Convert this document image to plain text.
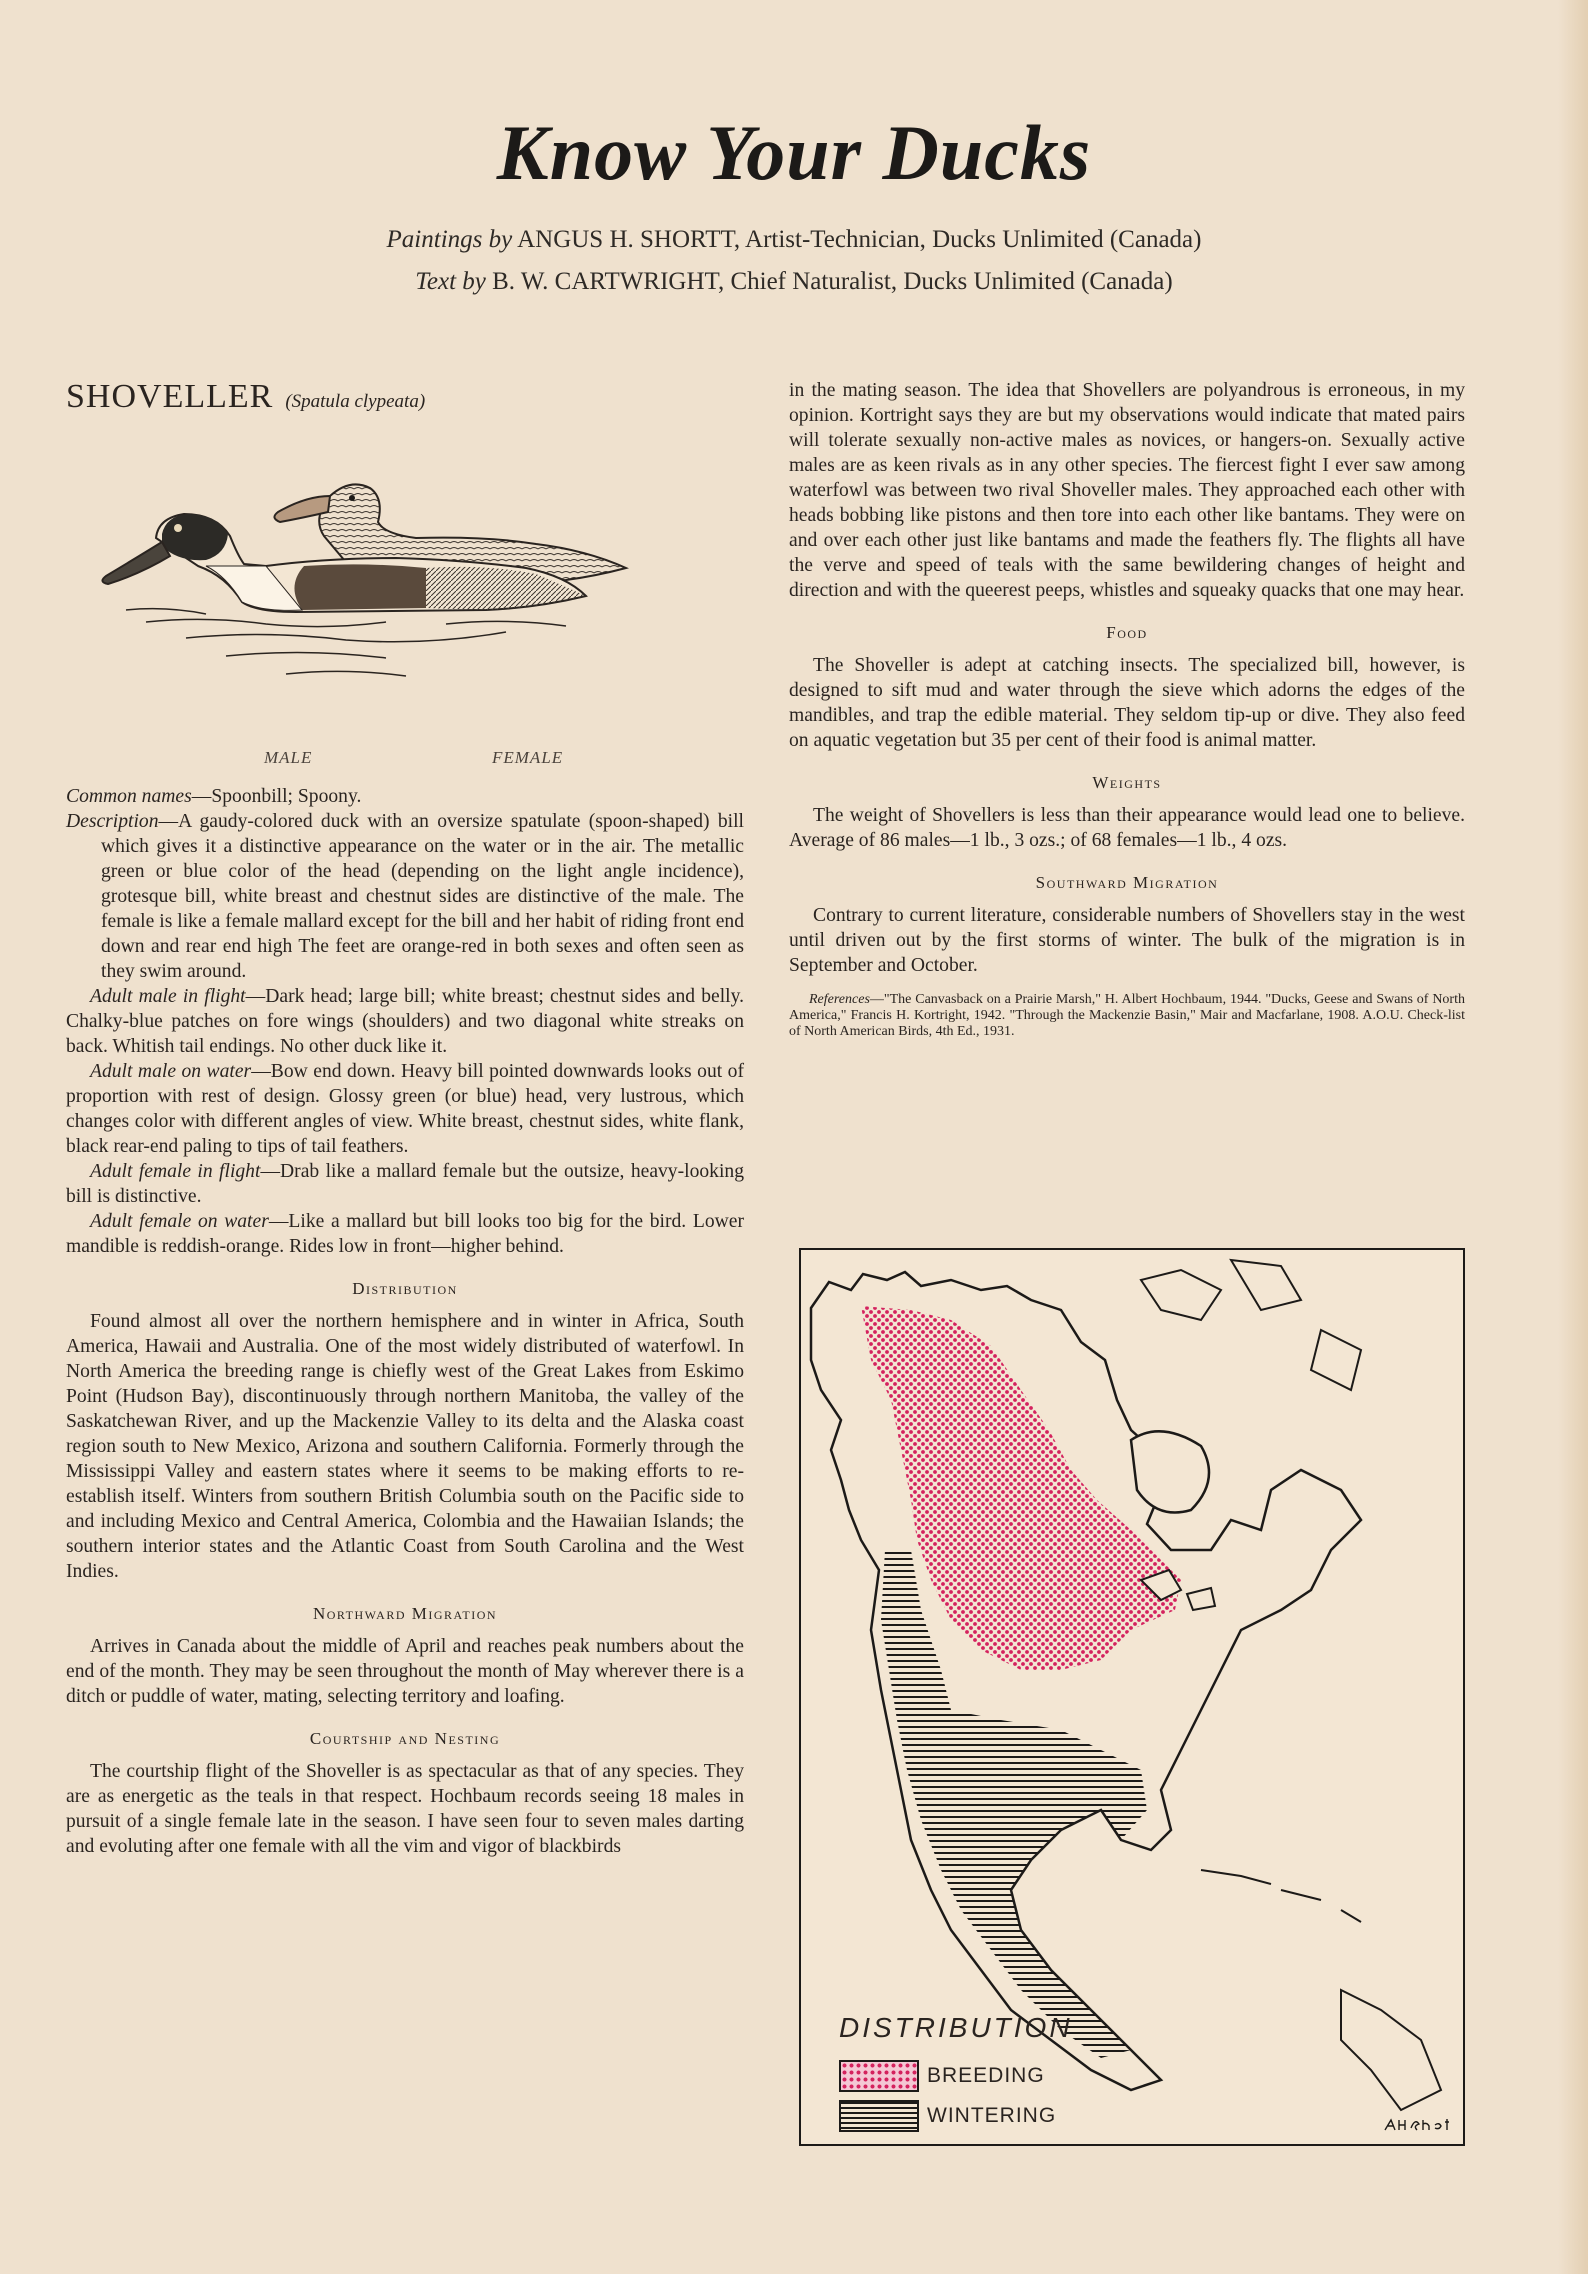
Know Your Ducks
Paintings by ANGUS H. SHORTT, Artist-Technician, Ducks Unlimited (Canada)
Text by B. W. CARTWRIGHT, Chief Naturalist, Ducks Unlimited (Canada)
SHOVELLER (Spatula clypeata)
MALE	FEMALE

Common names—Spoonbill; Spoony.

Description—A gaudy-colored duck with an oversize spatulate (spoon-shaped) bill which gives it a distinctive appearance on the water or in the air. The metallic green or blue color of the head (depending on the light angle incidence), grotesque bill, white breast and chestnut sides are distinctive of the male. The female is like a female mallard except for the bill and her habit of riding front end down and rear end high The feet are orange-red in both sexes and often seen as they swim around.

Adult male in flight—Dark head; large bill; white breast; chestnut sides and belly. Chalky-blue patches on fore wings (shoulders) and two diagonal white streaks on back. Whitish tail endings. No other duck like it.

Adult male on water—Bow end down. Heavy bill pointed downwards looks out of proportion with rest of design. Glossy green (or blue) head, very lustrous, which changes color with different angles of view. White breast, chestnut sides, white flank, black rear-end paling to tips of tail feathers.

Adult female in flight—Drab like a mallard female but the outsize, heavy-looking bill is distinctive.

Adult female on water—Like a mallard but bill looks too big for the bird. Lower mandible is reddish-orange. Rides low in front—higher behind.

Distribution

Found almost all over the northern hemisphere and in winter in Africa, South America, Hawaii and Australia. One of the most widely distributed of waterfowl. In North America the breeding range is chiefly west of the Great Lakes from Eskimo Point (Hudson Bay), discontinuously through northern Manitoba, the valley of the Saskatchewan River, and up the Mackenzie Valley to its delta and the Alaska coast region south to New Mexico, Arizona and southern California. Formerly through the Mississippi Valley and eastern states where it seems to be making efforts to re-establish itself. Winters from southern British Columbia south on the Pacific side to and including Mexico and Central America, Colombia and the Hawaiian Islands; the southern interior states and the Atlantic Coast from South Carolina and the West Indies.

Northward Migration

Arrives in Canada about the middle of April and reaches peak numbers about the end of the month. They may be seen throughout the month of May wherever there is a ditch or puddle of water, mating, selecting territory and loafing.

Courtship and Nesting

The courtship flight of the Shoveller is as spectacular as that of any species. They are as energetic as the teals in that respect. Hochbaum records seeing 18 males in pursuit of a single female late in the season. I have seen four to seven males darting and evoluting after one female with all the vim and vigor of blackbirds

in the mating season. The idea that Shovellers are polyandrous is erroneous, in my opinion. Kortright says they are but my observations would indicate that mated pairs will tolerate sexually non-active males as novices, or hangers-on. Sexually active males are as keen rivals as in any other species. The fiercest fight I ever saw among waterfowl was between two rival Shoveller males. They approached each other with heads bobbing like pistons and then tore into each other like bantams. They were on and over each other just like bantams and made the feathers fly. The flights all have the verve and speed of teals with the same bewildering changes of height and direction and with the queerest peeps, whistles and squeaky quacks that one may hear.

Food

The Shoveller is adept at catching insects. The specialized bill, however, is designed to sift mud and water through the sieve which adorns the edges of the mandibles, and trap the edible material. They seldom tip-up or dive. They also feed on aquatic vegetation but 35 per cent of their food is animal matter.

Weights

The weight of Shovellers is less than their appearance would lead one to believe. Average of 86 males—1 lb., 3 ozs.; of 68 females—1 lb., 4 ozs.

Southward Migration

Contrary to current literature, considerable numbers of Shovellers stay in the west until driven out by the first storms of winter. The bulk of the migration is in September and October.

References—"The Canvasback on a Prairie Marsh," H. Albert Hochbaum, 1944. "Ducks, Geese and Swans of North America," Francis H. Kortright, 1942. "Through the Mackenzie Basin," Mair and Macfarlane, 1908. A.O.U. Check-list of North American Birds, 4th Ed., 1931.

DISTRIBUTION
BREEDING
WINTERING
